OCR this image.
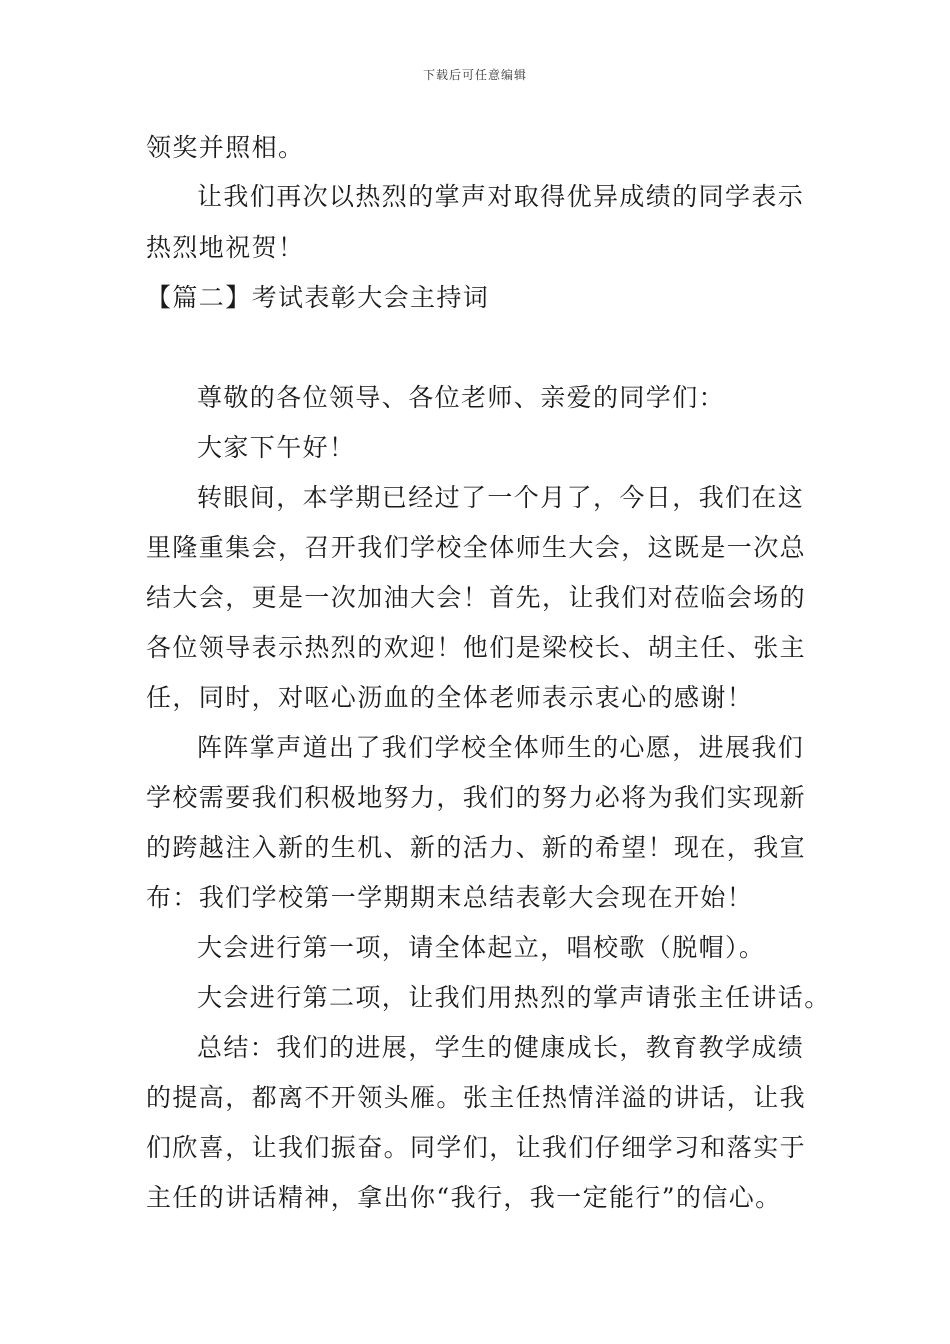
下载后可任意编辑
领奖并照相。
让我们再次以热烈的掌声对取得优异成绩的同学表示
热烈地祝贺！
【篇二】考试表彰大会主持词
尊敬的各位领导、各位老师、亲爱的同学们：
大家下午好！
转眼间，本学期已经过了一个月了，今日，我们在这
里隆重集会，召开我们学校全体师生大会，这既是一次总
结大会，更是一次加油大会！首先，让我们对莅临会场的
各位领导表示热烈的欢迎！他们是梁校长、胡主任、张主
任，同时，对呕心沥血的全体老师表示衷心的感谢！
阵阵掌声道出了我们学校全体师生的心愿，进展我们
学校需要我们积极地努力，我们的努力必将为我们实现新
的跨越注入新的生机、新的活力、新的希望！现在，我宣
布：我们学校第一学期期末总结表彰大会现在开始！
大会进行第一项，请全体起立，唱校歌（脱帽）。
大会进行第二项，让我们用热烈的掌声请张主任讲话。
总结：我们的进展，学生的健康成长，教育教学成绩
的提高，都离不开领头雁。张主任热情洋溢的讲话，让我
们欣喜，让我们振奋。同学们，让我们仔细学习和落实于
主任的讲话精神，拿出你“我行，我一定能行”的信心。
